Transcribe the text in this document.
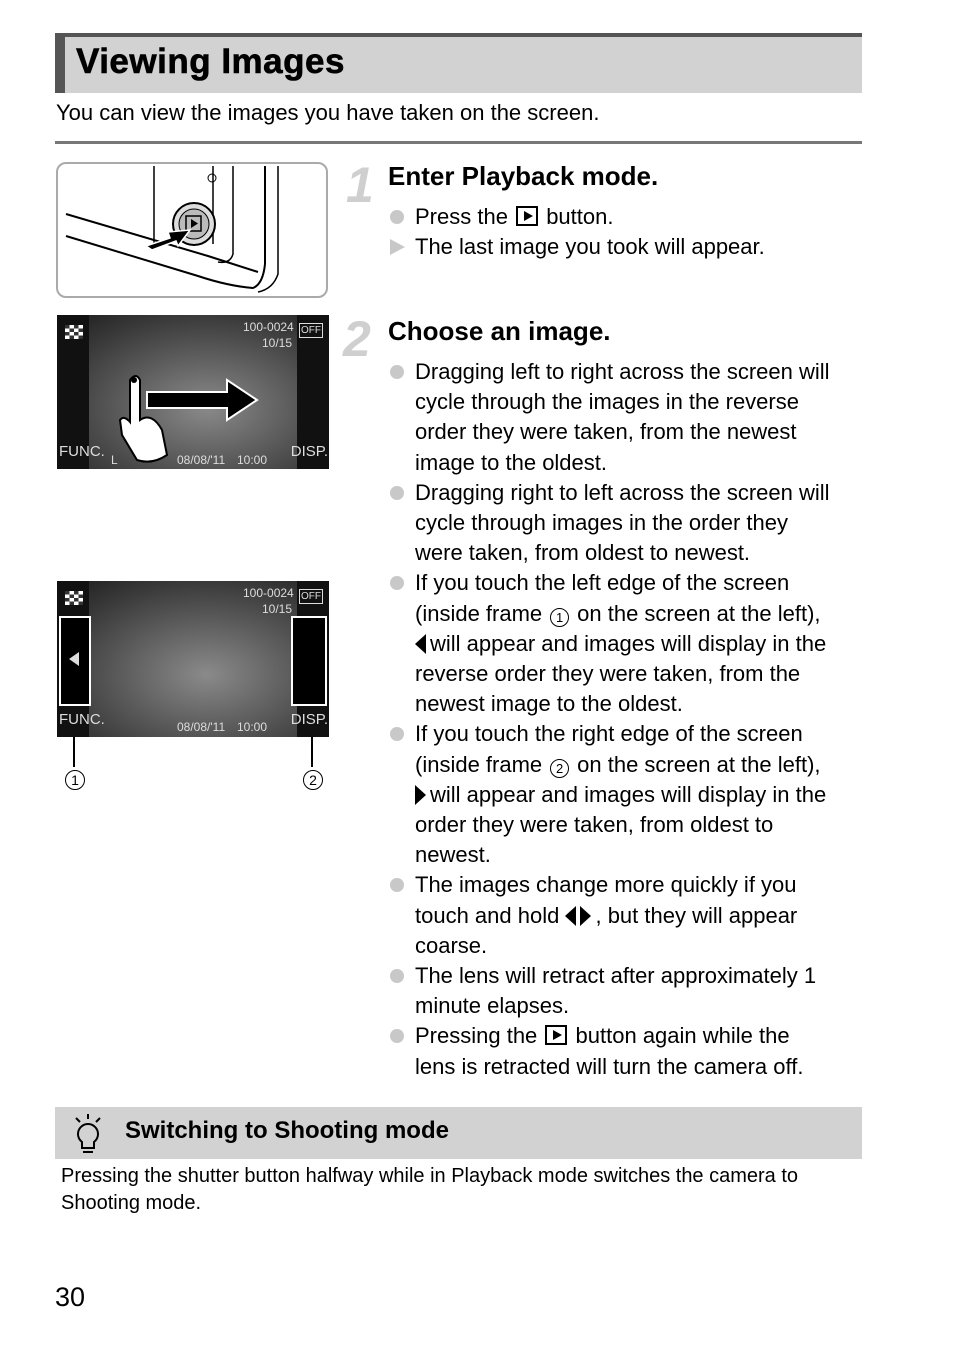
Viewing Images
You can view the images you have taken on the screen.
OFF
100-0024
10/15
FUNC.	DISP.
L	08/08/'11 10:00
OFF
100-0024
10/15
FUNC.	DISP.
08/08/'11 10:00
1	2
1 Enter Playback mode.
Press the button.
The last image you took will appear.
2 Choose an image.
Dragging left to right across the screen will
cycle through the images in the reverse
order they were taken, from the newest
image to the oldest.
Dragging right to left across the screen will
cycle through images in the order they
were taken, from oldest to newest.
If you touch the left edge of the screen
(inside frame 1 on the screen at the left),
will appear and images will display in the
reverse order they were taken, from the
newest image to the oldest.
If you touch the right edge of the screen
(inside frame 2 on the screen at the left),
will appear and images will display in the
order they were taken, from oldest to
newest.
The images change more quickly if you
touch and hold , but they will appear
coarse.
The lens will retract after approximately 1
minute elapses.
Pressing the button again while the
lens is retracted will turn the camera off.
Switching to Shooting mode
Pressing the shutter button halfway while in Playback mode switches the camera to Shooting mode.
30
